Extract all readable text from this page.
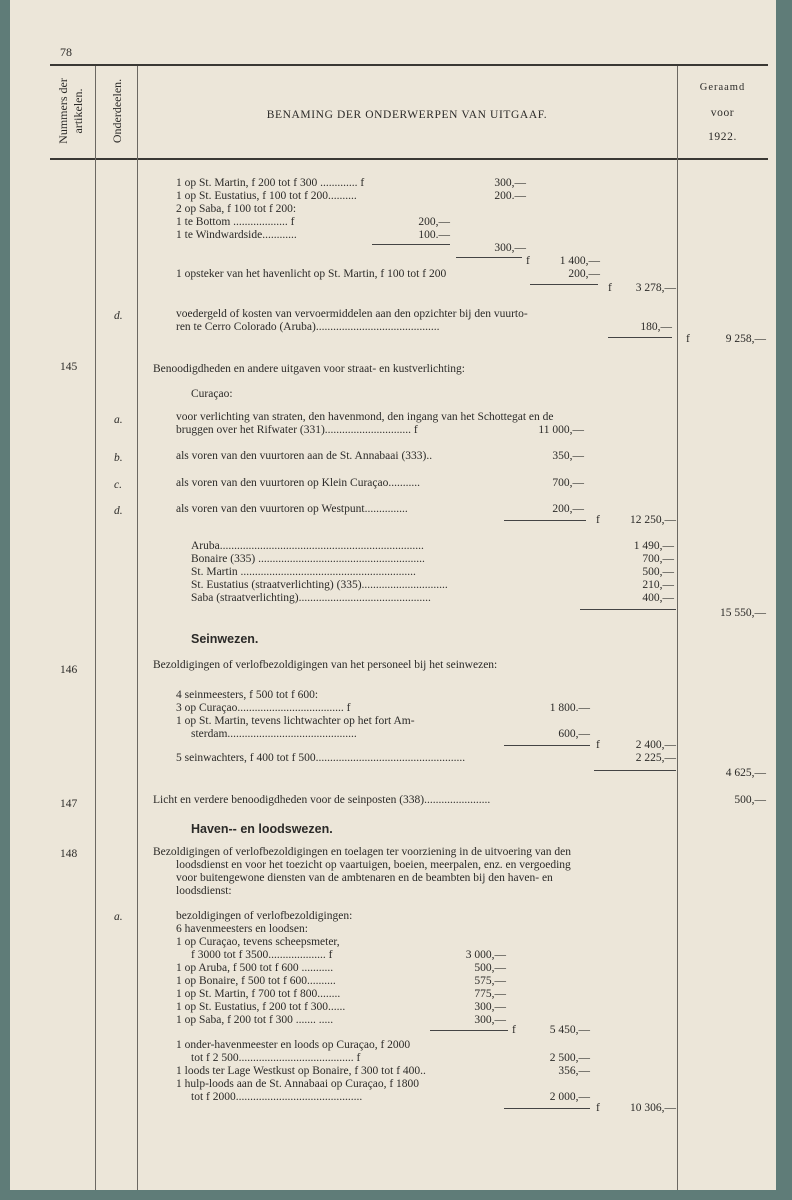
78
Nummers der artikelen. Onderdeelen.	BENAMING DER ONDERWERPEN VAN UITGAAF.
Geraamd
voor
1922.
1 op St. Martin, f 200 tot f 300 ............. f	300,—
1 op St. Eustatius, f 100 tot f 200..........	200.—
2 op Saba, f 100 tot f 200:
1 te Bottom ................... f	200,—
1 te Windwardside............	100.—
300,—
f	1 400,—
1 opsteker van het havenlicht op St. Martin, f 100 tot f 200	200,—
f	3 278,—
d.	voedergeld of kosten van vervoermiddelen aan den opzichter bij den vuurto-
ren te Cerro Colorado (Aruba)...........................................	180,—
f	9 258,—
145	Benoodigdheden en andere uitgaven voor straat- en kustverlichting:
Curaçao:
a.	voor verlichting van straten, den havenmond, den ingang van het Schottegat en de
bruggen over het Rifwater (331).............................. f	11 000,—
b.	als voren van den vuurtoren aan de St. Annabaai (333)..	350,—
c.	als voren van den vuurtoren op Klein Curaçao...........	700,—
d.	als voren van den vuurtoren op Westpunt...............	200,—
f	12 250,—
Aruba.......................................................................	1 490,—
Bonaire (335) ..........................................................	700,—
St. Martin .............................................................	500,—
St. Eustatius (straatverlichting) (335)..............................	210,—
Saba (straatverlichting)..............................................	400,—
15 550,—
Seinwezen.
146	Bezoldigingen of verlofbezoldigingen van het personeel bij het seinwezen:
4 seinmeesters, f 500 tot f 600:
3 op Curaçao..................................... f	1 800.—
1 op St. Martin, tevens lichtwachter op het fort Am-
sterdam.............................................	600,—
f	2 400,—
5 seinwachters, f 400 tot f 500....................................................	2 225,—
4 625,—
147	Licht en verdere benoodigdheden voor de seinposten (338).......................	500,—
Haven-- en loodswezen.
148	Bezoldigingen of verlofbezoldigingen en toelagen ter voorziening in de uitvoering van den
loodsdienst en voor het toezicht op vaartuigen, boeien, meerpalen, enz. en vergoeding
voor buitengewone diensten van de ambtenaren en de beambten bij den haven- en
loodsdienst:
a.	bezoldigingen of verlofbezoldigingen:
6 havenmeesters en loodsen:
1 op Curaçao, tevens scheepsmeter,
f 3000 tot f 3500.................... f	3 000,—
1 op Aruba, f 500 tot f 600 ...........	500,—
1 op Bonaire, f 500 tot f 600..........	575,—
1 op St. Martin, f 700 tot f 800........	775,—
1 op St. Eustatius, f 200 tot f 300......	300,—
1 op Saba, f 200 tot f 300 ....... .....	300,—
f	5 450,—
1 onder-havenmeester en loods op Curaçao, f 2000
tot f 2 500........................................ f	2 500,—
1 loods ter Lage Westkust op Bonaire, f 300 tot f 400..	356,—
1 hulp-loods aan de St. Annabaai op Curaçao, f 1800
tot f 2000............................................	2 000,—
f	10 306,—
